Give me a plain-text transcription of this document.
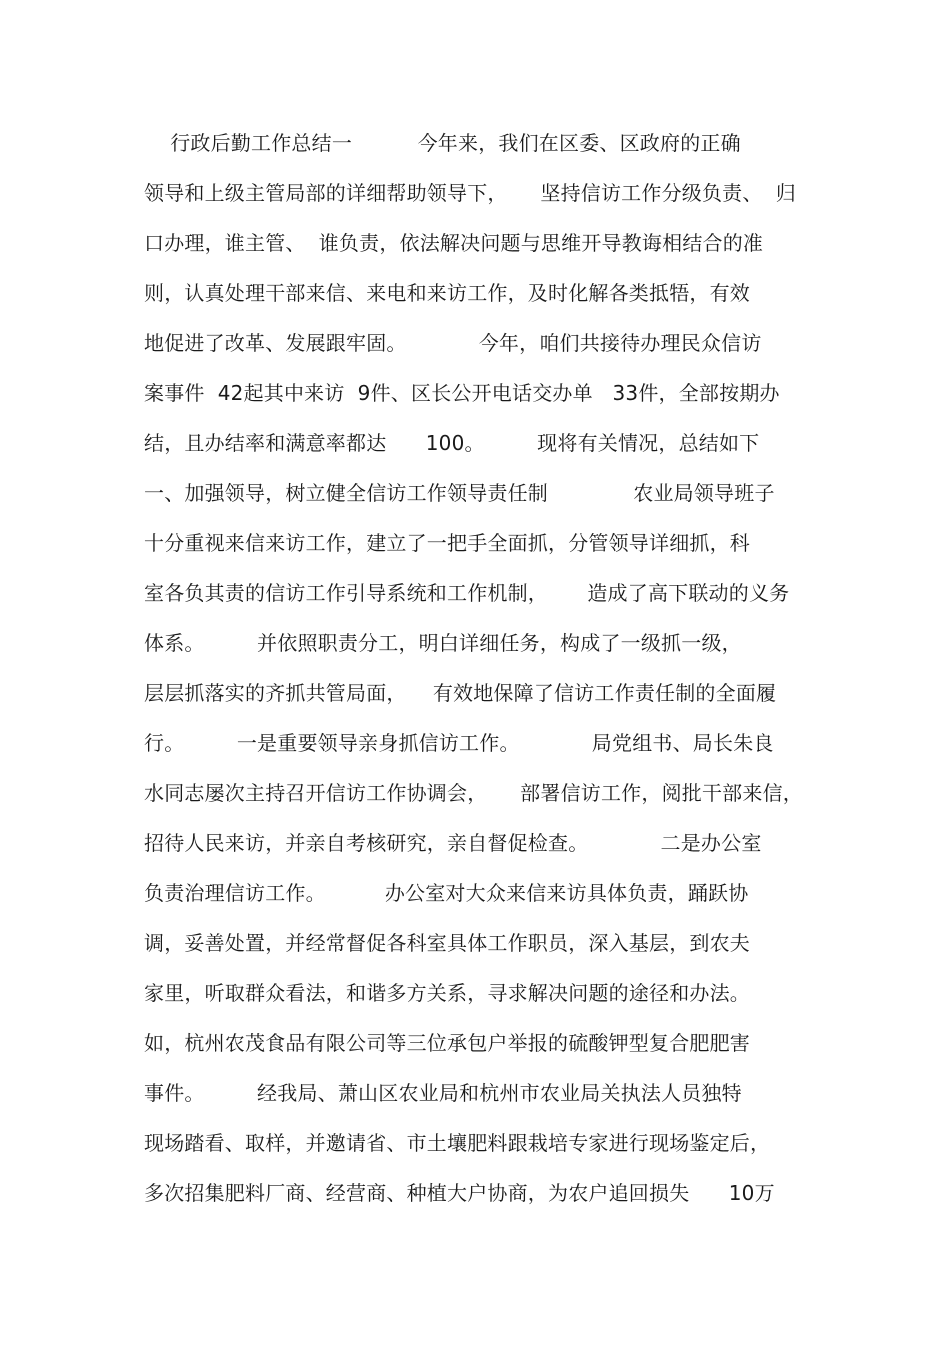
行政后勤工作总结一          今年来，我们在区委、区政府的正确
领导和上级主管局部的详细帮助领导下，     坚持信访工作分级负责、  归
口办理，谁主管、  谁负责，依法解决问题与思维开导教诲相结合的准
则，认真处理干部来信、来电和来访工作，及时化解各类抵牾，有效
地促进了改革、发展跟牢固。           今年，咱们共接待办理民众信访
案事件  42起其中来访  9件、区长公开电话交办单   33件，全部按期办
结，且办结率和满意率都达      100。        现将有关情况，总结如下
一、加强领导，树立健全信访工作领导责任制             农业局领导班子
十分重视来信来访工作，建立了一把手全面抓，分管领导详细抓，科
室各负其责的信访工作引导系统和工作机制，      造成了高下联动的义务
体系。        并依照职责分工，明白详细任务，构成了一级抓一级，
层层抓落实的齐抓共管局面，    有效地保障了信访工作责任制的全面履
行。        一是重要领导亲身抓信访工作。           局党组书、局长朱良
水同志屡次主持召开信访工作协调会，     部署信访工作，阅批干部来信，
招待人民来访，并亲自考核研究，亲自督促检查。           二是办公室
负责治理信访工作。         办公室对大众来信来访具体负责，踊跃协
调，妥善处置，并经常督促各科室具体工作职员，深入基层，到农夫
家里，听取群众看法，和谐多方关系，寻求解决问题的途径和办法。
如，杭州农茂食品有限公司等三位承包户举报的硫酸钾型复合肥肥害
事件。        经我局、萧山区农业局和杭州市农业局关执法人员独特
现场踏看、取样，并邀请省、市土壤肥料跟栽培专家进行现场鉴定后，
多次招集肥料厂商、经营商、种植大户协商，为农户追回损失      10万
